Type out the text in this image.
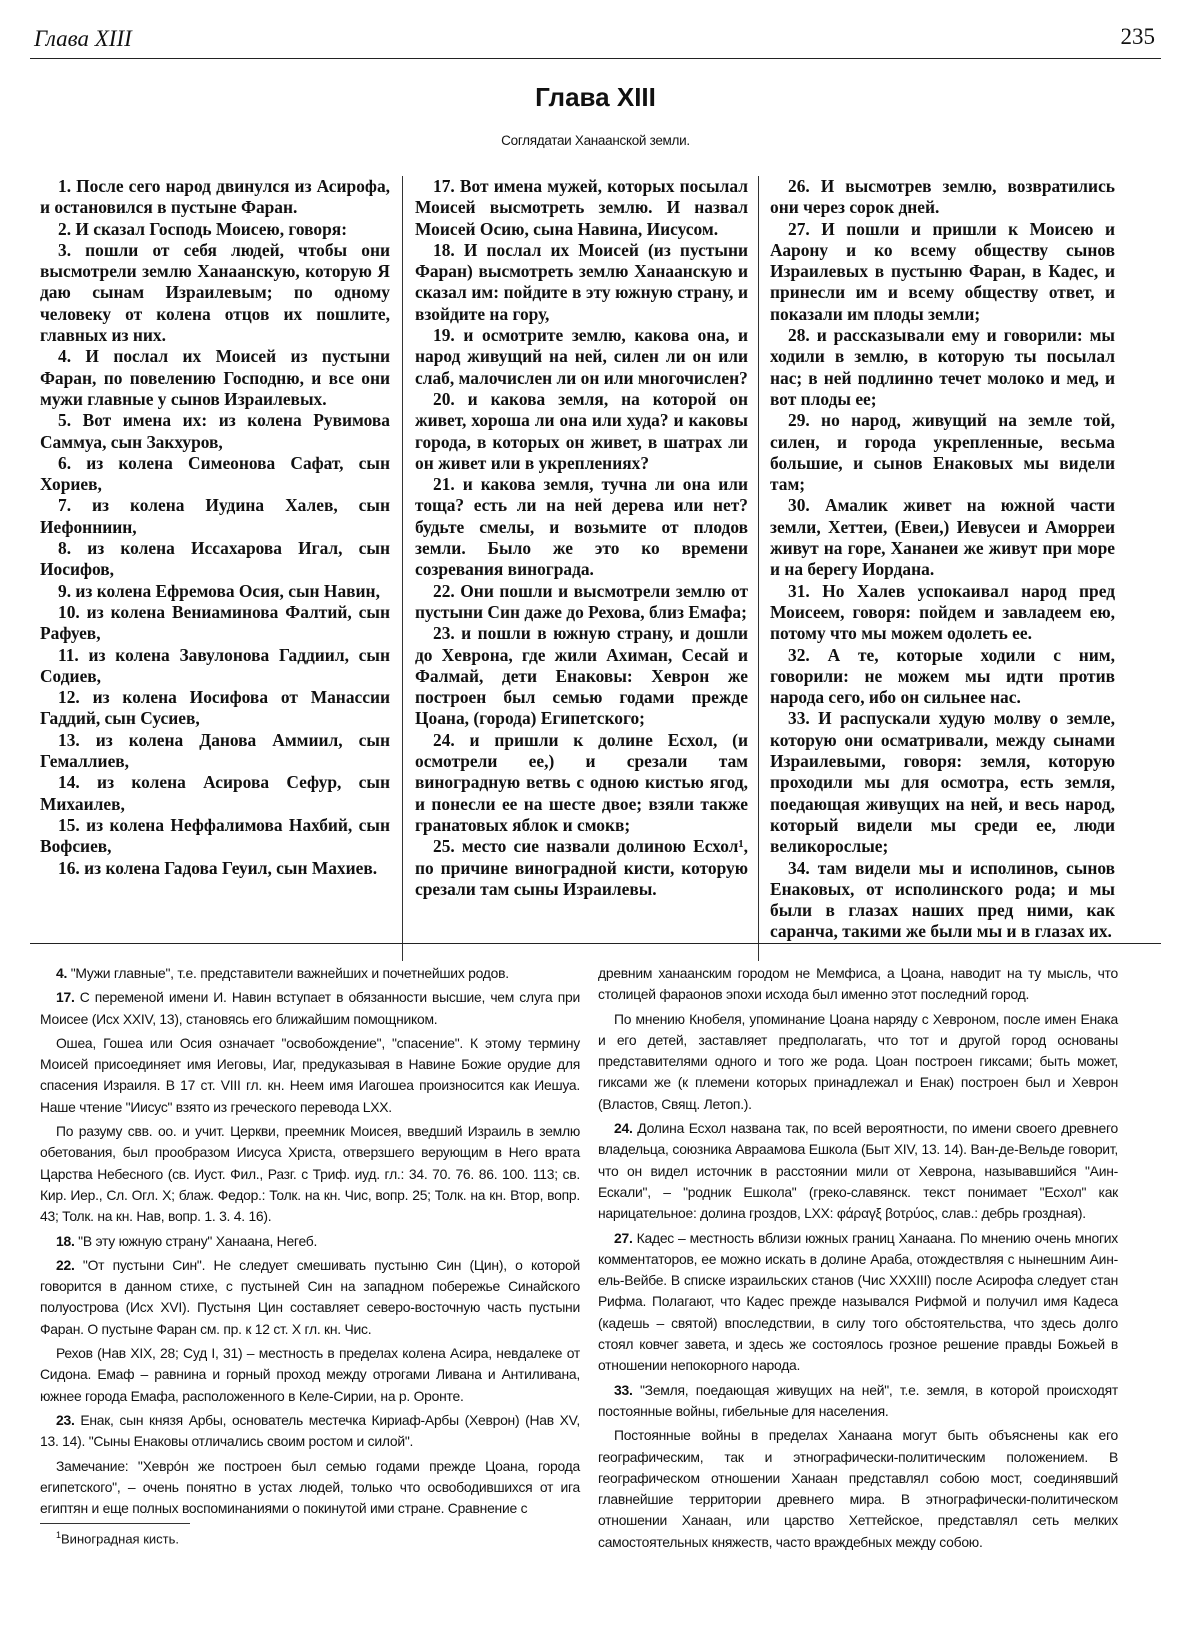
Глава XIII	235
Глава XIII
Соглядатаи Ханаанской земли.

1. После сего народ двинулся из Асирофа, и остановился в пустыне Фаран.

2. И сказал Господь Моисею, говоря:

3. пошли от себя людей, чтобы они высмотрели землю Ханаанскую, которую Я даю сынам Израилевым; по одному человеку от колена отцов их пошлите, главных из них.

4. И послал их Моисей из пустыни Фаран, по повелению Господню, и все они мужи главные у сынов Израилевых.

5. Вот имена их: из колена Рувимова Саммуа, сын Закхуров,

6. из колена Симеонова Сафат, сын Хориев,

7. из колена Иудина Халев, сын Иефонниин,

8. из колена Иссахарова Игал, сын Иосифов,

9. из колена Ефремова Осия, сын Навин,

10. из колена Вениаминова Фалтий, сын Рафуев,

11. из колена Завулонова Гаддиил, сын Содиев,

12. из колена Иосифова от Манассии Гаддий, сын Сусиев,

13. из колена Данова Аммиил, сын Гемаллиев,

14. из колена Асирова Сефур, сын Михаилев,

15. из колена Неффалимова Нахбий, сын Вофсиев,

16. из колена Гадова Геуил, сын Махиев.

17. Вот имена мужей, которых посылал Моисей высмотреть землю. И назвал Моисей Осию, сына Навина, Иисусом.

18. И послал их Моисей (из пустыни Фаран) высмотреть землю Ханаанскую и сказал им: пойдите в эту южную страну, и взойдите на гору,

19. и осмотрите землю, какова она, и народ живущий на ней, силен ли он или слаб, малочислен ли он или многочислен?

20. и какова земля, на которой он живет, хороша ли она или худа? и каковы города, в которых он живет, в шатрах ли он живет или в укреплениях?

21. и какова земля, тучна ли она или тоща? есть ли на ней дерева или нет? будьте смелы, и возьмите от плодов земли. Было же это ко времени созревания винограда.

22. Они пошли и высмотрели землю от пустыни Син даже до Рехова, близ Емафа;

23. и пошли в южную страну, и дошли до Хеврона, где жили Ахиман, Сесай и Фалмай, дети Енаковы: Хеврон же построен был семью годами прежде Цоана, (города) Египетского;

24. и пришли к долине Есхол, (и осмотрели ее,) и срезали там виноградную ветвь с одною кистью ягод, и понесли ее на шесте двое; взяли также гранатовых яблок и смокв;

25. место сие назвали долиною Есхол¹, по причине виноградной кисти, которую срезали там сыны Израилевы.

26. И высмотрев землю, возвратились они через сорок дней.

27. И пошли и пришли к Моисею и Аарону и ко всему обществу сынов Израилевых в пустыню Фаран, в Кадес, и принесли им и всему обществу ответ, и показали им плоды земли;

28. и рассказывали ему и говорили: мы ходили в землю, в которую ты посылал нас; в ней подлинно течет молоко и мед, и вот плоды ее;

29. но народ, живущий на земле той, силен, и города укрепленные, весьма большие, и сынов Енаковых мы видели там;

30. Амалик живет на южной части земли, Хеттеи, (Евеи,) Иевусеи и Аморреи живут на горе, Хананеи же живут при море и на берегу Иордана.

31. Но Халев успокаивал народ пред Моисеем, говоря: пойдем и завладеем ею, потому что мы можем одолеть ее.

32. А те, которые ходили с ним, говорили: не можем мы идти против народа сего, ибо он сильнее нас.

33. И распускали худую молву о земле, которую они осматривали, между сынами Израилевыми, говоря: земля, которую проходили мы для осмотра, есть земля, поедающая живущих на ней, и весь народ, который видели мы среди ее, люди великорослые;

34. там видели мы и исполинов, сынов Енаковых, от исполинского рода; и мы были в глазах наших пред ними, как саранча, такими же были мы и в глазах их.

4. "Мужи главные", т.е. представители важнейших и почетнейших родов.

17. С переменой имени И. Навин вступает в обязанности высшие, чем слуга при Моисее (Исх XXIV, 13), становясь его ближайшим помощником.

Ошеа, Гошеа или Осия означает "освобождение", "спасение". К этому термину Моисей присоединяет имя Иеговы, Иаг, предуказывая в Навине Божие орудие для спасения Израиля. В 17 ст. VIII гл. кн. Неем имя Иагошеа произносится как Иешуа. Наше чтение "Иисус" взято из греческого перевода LXX.

По разуму свв. оо. и учит. Церкви, преемник Моисея, введший Израиль в землю обетования, был прообразом Иисуса Христа, отверзшего верующим в Него врата Царства Небесного (св. Иуст. Фил., Разг. с Триф. иуд. гл.: 34. 70. 76. 86. 100. 113; св. Кир. Иер., Сл. Огл. X; блаж. Федор.: Толк. на кн. Чис, вопр. 25; Толк. на кн. Втор, вопр. 43; Толк. на кн. Нав, вопр. 1. 3. 4. 16).

18. "В эту южную страну" Ханаана, Негеб.

22. "От пустыни Син". Не следует смешивать пустыню Син (Цин), о которой говорится в данном стихе, с пустыней Син на западном побережье Синайского полуострова (Исх XVI). Пустыня Цин составляет северо-восточную часть пустыни Фаран. О пустыне Фаран см. пр. к 12 ст. X гл. кн. Чис.

Рехов (Нав XIX, 28; Суд I, 31) – местность в пределах колена Асира, невдалеке от Сидона. Емаф – равнина и горный проход между отрогами Ливана и Антиливана, южнее города Емафа, расположенного в Келе-Сирии, на р. Оронте.

23. Енак, сын князя Арбы, основатель местечка Кириаф-Арбы (Хеврон) (Нав XV, 13. 14). "Сыны Енаковы отличались своим ростом и силой".

Замечание: "Хеврóн же построен был семью годами прежде Цоана, города египетского", – очень понятно в устах людей, только что освободившихся от ига египтян и еще полных воспоминаниями о покинутой ими стране. Сравнение с

древним ханаанским городом не Мемфиса, а Цоана, наводит на ту мысль, что столицей фараонов эпохи исхода был именно этот последний город.

По мнению Кнобеля, упоминание Цоана наряду с Хевроном, после имен Енака и его детей, заставляет предполагать, что тот и другой город основаны представителями одного и того же рода. Цоан построен гиксами; быть может, гиксами же (к племени которых принадлежал и Енак) построен был и Хеврон (Властов, Свящ. Летоп.).

24. Долина Есхол названа так, по всей вероятности, по имени своего древнего владельца, союзника Авраамова Ешкола (Быт XIV, 13. 14). Ван-де-Вельде говорит, что он видел источник в расстоянии мили от Хеврона, называвшийся "Аин-Ескали", – "родник Ешкола" (греко-славянск. текст понимает "Есхол" как нарицательное: долина гроздов, LXX: φάραγξ βοτρύος, слав.: дебрь гроздная).

27. Кадес – местность вблизи южных границ Ханаана. По мнению очень многих комментаторов, ее можно искать в долине Араба, отождествляя с нынешним Аин-ель-Вейбе. В списке израильских станов (Чис XXXIII) после Асирофа следует стан Рифма. Полагают, что Кадес прежде назывался Рифмой и получил имя Кадеса (кадешь – святой) впоследствии, в силу того обстоятельства, что здесь долго стоял ковчег завета, и здесь же состоялось грозное решение правды Божьей в отношении непокорного народа.

33. "Земля, поедающая живущих на ней", т.е. земля, в которой происходят постоянные войны, гибельные для населения.

Постоянные войны в пределах Ханаана могут быть объяснены как его географическим, так и этнографически-политическим положением. В географическом отношении Ханаан представлял собою мост, соединявший главнейшие территории древнего мира. В этнографически-политическом отношении Ханаан, или царство Хеттейское, представлял сеть мелких самостоятельных княжеств, часто враждебных между собою.

$^1$Виноградная кисть.
